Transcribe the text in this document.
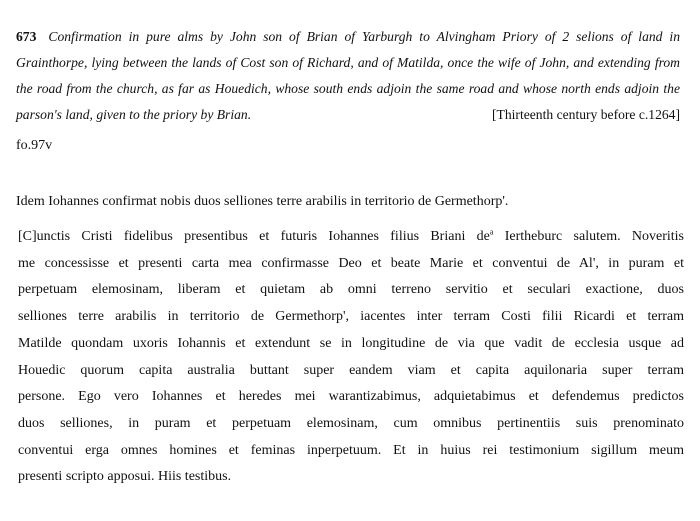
673 Confirmation in pure alms by John son of Brian of Yarburgh to Alvingham Priory of 2 selions of land in
Grainthorpe, lying between the lands of Cost son of Richard, and of Matilda, once the wife of John, and extending from
the road from the church, as far as Houedich, whose south ends adjoin the same road and whose north ends adjoin the
parson's land, given to the priory by Brian.	[Thirteenth century before c.1264]
fo.97v
Idem Iohannes confirmat nobis duos selliones terre arabilis in territorio de Germethorp'.
[C]unctis Cristi fidelibus presentibus et futuris Iohannes filius Briani $de^a$ Iertheburc salutem. Noveritis
me concessisse et presenti carta mea confirmasse Deo et beate Marie et conventui de Al', in puram et
perpetuam elemosinam, liberam et quietam ab omni terreno servitio et seculari exactione, duos
selliones terre arabilis in territorio de Germethorp', iacentes inter terram Costi filii Ricardi et terram
Matilde quondam uxoris Iohannis et extendunt se in longitudine de via que vadit de ecclesia usque ad
Houedic quorum capita australia buttant super eandem viam et capita aquilonaria super terram
persone. Ego vero Iohannes et heredes mei warantizabimus, adquietabimus et defendemus predictos
duos selliones, in puram et perpetuam elemosinam, cum omnibus pertinentiis suis prenominato
conventui erga omnes homines et feminas inperpetuum. Et in huius rei testimonium sigillum meum
presenti scripto apposui. Hiis testibus.
